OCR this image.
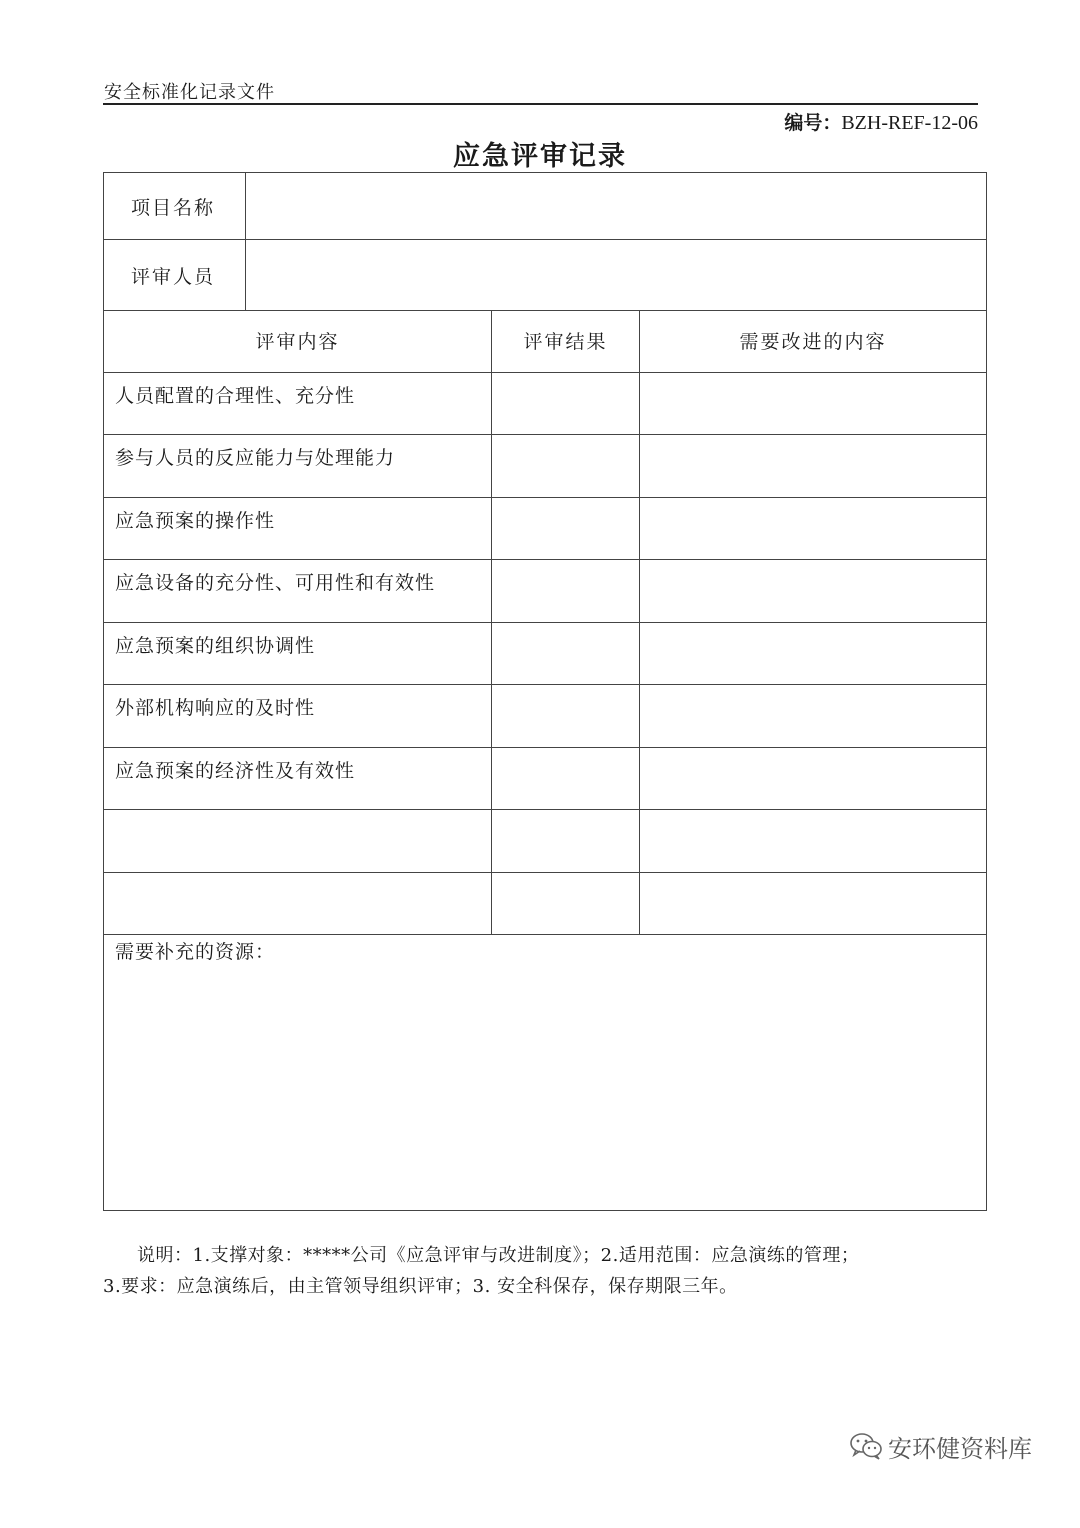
安全标准化记录文件
编号：BZH-REF-12-06
应急评审记录
项目名称
评审人员
评审内容	评审结果	需要改进的内容
人员配置的合理性、充分性
参与人员的反应能力与处理能力
应急预案的操作性
应急设备的充分性、可用性和有效性
应急预案的组织协调性
外部机构响应的及时性
应急预案的经济性及有效性
需要补充的资源：
说明：1.支撑对象：*****公司《应急评审与改进制度》；2.适用范围：应急演练的管理；
3.要求：应急演练后，由主管领导组织评审；3. 安全科保存，保存期限三年。
安环健资料库
